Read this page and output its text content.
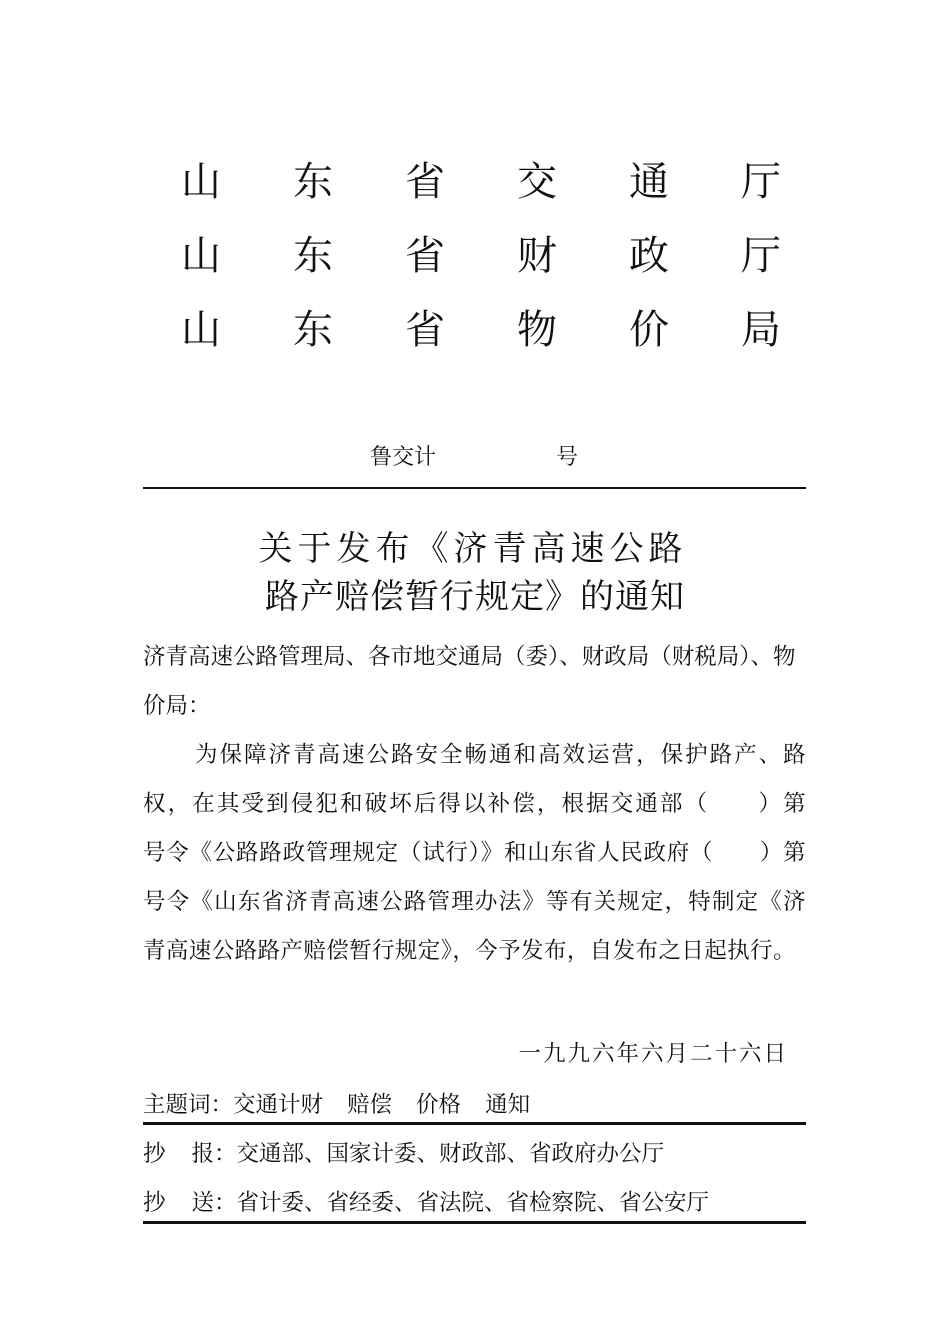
山 东 省 交 通 厅
山 东 省 财 政 厅
山 东 省 物 价 局
鲁交计	号
关于发布《济青高速公路
路产赔偿暂行规定》的通知
济青高速公路管理局、各市地交通局（委）、财政局（财税局）、物价局：
为保障济青高速公路安全畅通和高效运营，保护路产、路权，在其受到侵犯和破坏后得以补偿，根据交通部（　　）第　　号令《公路路政管理规定（试行）》和山东省人民政府（　　）第　　号令《山东省济青高速公路管理办法》等有关规定，特制定《济青高速公路路产赔偿暂行规定》，今予发布，自发布之日起执行。
一九九六年六月二十六日
主题词：交通计财 赔偿 价格 通知
抄 报：交通部、国家计委、财政部、省政府办公厅
抄 送：省计委、省经委、省法院、省检察院、省公安厅
